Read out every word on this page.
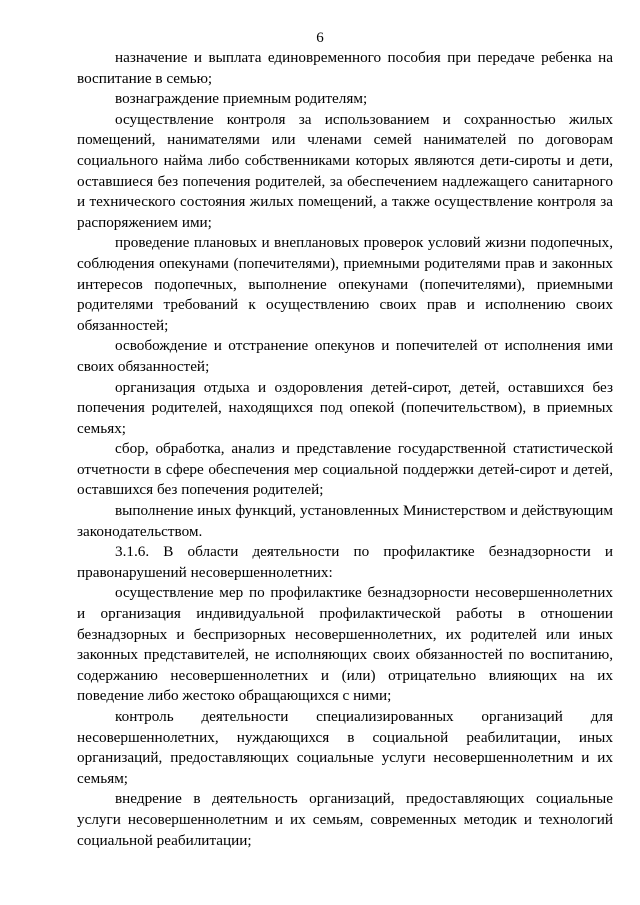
6

назначение и выплата единовременного пособия при передаче ребенка на воспитание в семью;

вознаграждение приемным родителям;

осуществление контроля за использованием и сохранностью жилых помещений, нанимателями или членами семей нанимателей по договорам социального найма либо собственниками которых являются дети-сироты и дети, оставшиеся без попечения родителей, за обеспечением надлежащего санитарного и технического состояния жилых помещений, а также осуществление контроля за распоряжением ими;

проведение плановых и внеплановых проверок условий жизни подопечных, соблюдения опекунами (попечителями), приемными родителями прав и законных интересов подопечных, выполнение опекунами (попечителями), приемными родителями требований к осуществлению своих прав и исполнению своих обязанностей;

освобождение и отстранение опекунов и попечителей от исполнения ими своих обязанностей;

организация отдыха и оздоровления детей-сирот, детей, оставшихся без попечения родителей, находящихся под опекой (попечительством), в приемных семьях;

сбор, обработка, анализ и представление государственной статистической отчетности в сфере обеспечения мер социальной поддержки детей-сирот и детей, оставшихся без попечения родителей;

выполнение иных функций, установленных Министерством и действующим законодательством.

3.1.6. В области деятельности по профилактике безнадзорности и правонарушений несовершеннолетних:

осуществление мер по профилактике безнадзорности несовершеннолетних и организация индивидуальной профилактической работы в отношении безнадзорных и беспризорных несовершеннолетних, их родителей или иных законных представителей, не исполняющих своих обязанностей по воспитанию, содержанию несовершеннолетних и (или) отрицательно влияющих на их поведение либо жестоко обращающихся с ними;

контроль деятельности специализированных организаций для несовершеннолетних, нуждающихся в социальной реабилитации, иных организаций, предоставляющих социальные услуги несовершеннолетним и их семьям;

внедрение в деятельность организаций, предоставляющих социальные услуги несовершеннолетним и их семьям, современных методик и технологий социальной реабилитации;
